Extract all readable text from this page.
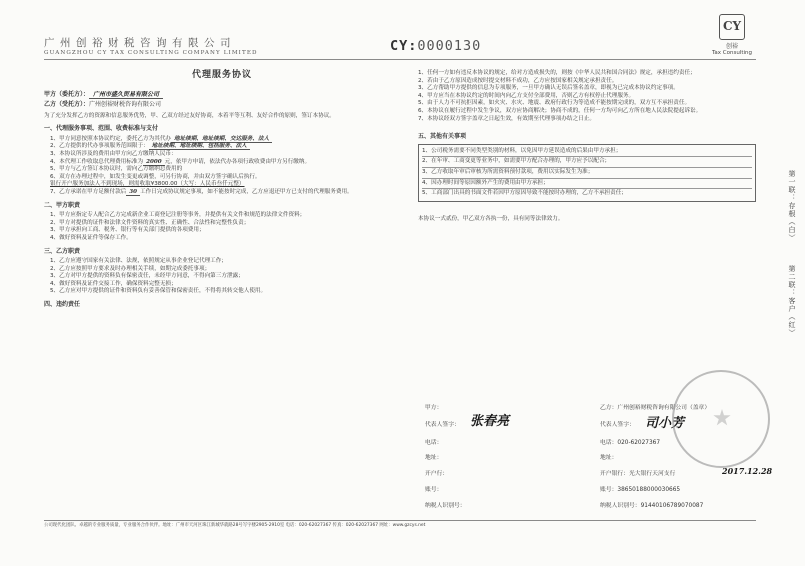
广州创裕财税咨询有限公司
GUANGZHOU CY TAX CONSULTING COMPANY LIMITED	CY:0000130
CY
创裕
Tax Consulting
代理服务协议
甲方（委托方）： 广州市盛久贸易有限公司
乙方（受托方）：广州创裕财税咨询有限公司

为了充分发挥乙方的资源和信息服务优势，甲、乙双方经过友好协商，本着平等互利、友好合作的原则，签订本协议。

一、代理服务事项、范围、收费标准与支付

1、甲方同意按照本协议约定，委托乙方为其代办 地址续期、地址续期、交达服务、法人

2、乙方提供的代办事项服务范围限于： 地址续期、地址续期、包括服务、法人

3、本协议所涉及的费用由甲方向乙方缴纳人民币：

4、本代理工作收取总代理费用标准为 2000 元，依甲方申请，依法代办各项行政收费由甲方另行缴纳。

5、甲方与乙方签订本协议时，需向乙方缴纳总费用的

6、双方在办理过程中，如发生变更或调整，可另行协商，并由双方签字确认后执行。

银行开户服务加法人不到现场，则需收取¥3800.00（大写：人民币叁仟元整）

7、乙方承诺在甲方足额付款后 30 工作日完成协议规定事项，如不能按时完成，乙方应退还甲方已支付的代理服务费用。

二、甲方职责

1、甲方应指定专人配合乙方完成新企业工商登记注册等事务，并提供有关文件和规范的法律文件资料；

2、甲方对提供的证件和法律文件资料的真实性、正确性、合法性和完整性负责；

3、甲方承担向工商、税务、银行等有关部门提供的各项费用；

4、做好资料及证件等保存工作。

三、乙方职责

1、乙方应遵守国家有关法律、法规，依照规定从事企业登记代理工作；

2、乙方应按照甲方要求及时办理相关手续，如期完成委托事项；

3、乙方对甲方提供的资料负有保密责任，未经甲方同意，不得向第三方泄露；

4、做好资料及证件交接工作，确保资料完整无损；

5、乙方应对甲方提供的证件和资料负有妥善保管和保密责任，不得将其转交他人使用。

四、违约责任

1、任何一方如有违反本协议的规定，给对方造成损失的，则按《中华人民共和国合同法》规定，承担违约责任；

2、若由于乙方原因造成按时提交材料不成功，乙方应按国家相关规定承担责任。

3、乙方帮助甲方提供的信息为专项服务，一旦甲方确认无误后签名盖章，即视为已完成本协议约定事项。

4、甲方应当在本协议约定的时间内向乙方支付全部费用，否则乙方有权停止代理服务。

5、由于人力不可抗拒因素，如火灾、水灾、地震、政府行政行为等造成不能按期完成的，双方互不承担责任。

6、本协议在履行过程中发生争议，双方应协商解决；协商不成的，任何一方均可向乙方所在地人民法院提起诉讼。

7、本协议经双方签字盖章之日起生效，有效期至代理事项办结之日止。

五、其他有关事项

1、公司税务需要不同类型类别的材料，以免因甲方延误造成的后果由甲方承担；

2、在年审、工商变更等业务中，如需要甲方配合办理的，甲方应予以配合；

3、乙方收取年审后审核为所需资料预付款项，费用以实际发生为准；

4、因办理时间等原因额外产生的费用由甲方承担；

5、工商部门出具的书面文件若因甲方原因导致不能按时办理的，乙方不承担责任；

本协议一式贰份，甲乙双方各执一份，具有同等法律效力。

甲方：
代表人签字：
电话：
地址：
开户行：
账号：
纳税人识别号：
乙方：广州创裕财税咨询有限公司（盖章）
代表人签字：
电话：020-62027367
地址：
开户银行：光大银行天河支行
账号：38650188000030665
纳税人识别号：91440106789070087
张春亮	司小芳
2017.12.28
公司现代化团队、卓越的专业服务质量，专业服务合作伙伴。地址：广州市天河区珠江新城华就路28号写字楼2905-2910室 电话：020-62027367 传真：020-62027367 网址：www.gzcys.net
第一联：存根（白）
第二联：客户（红）
